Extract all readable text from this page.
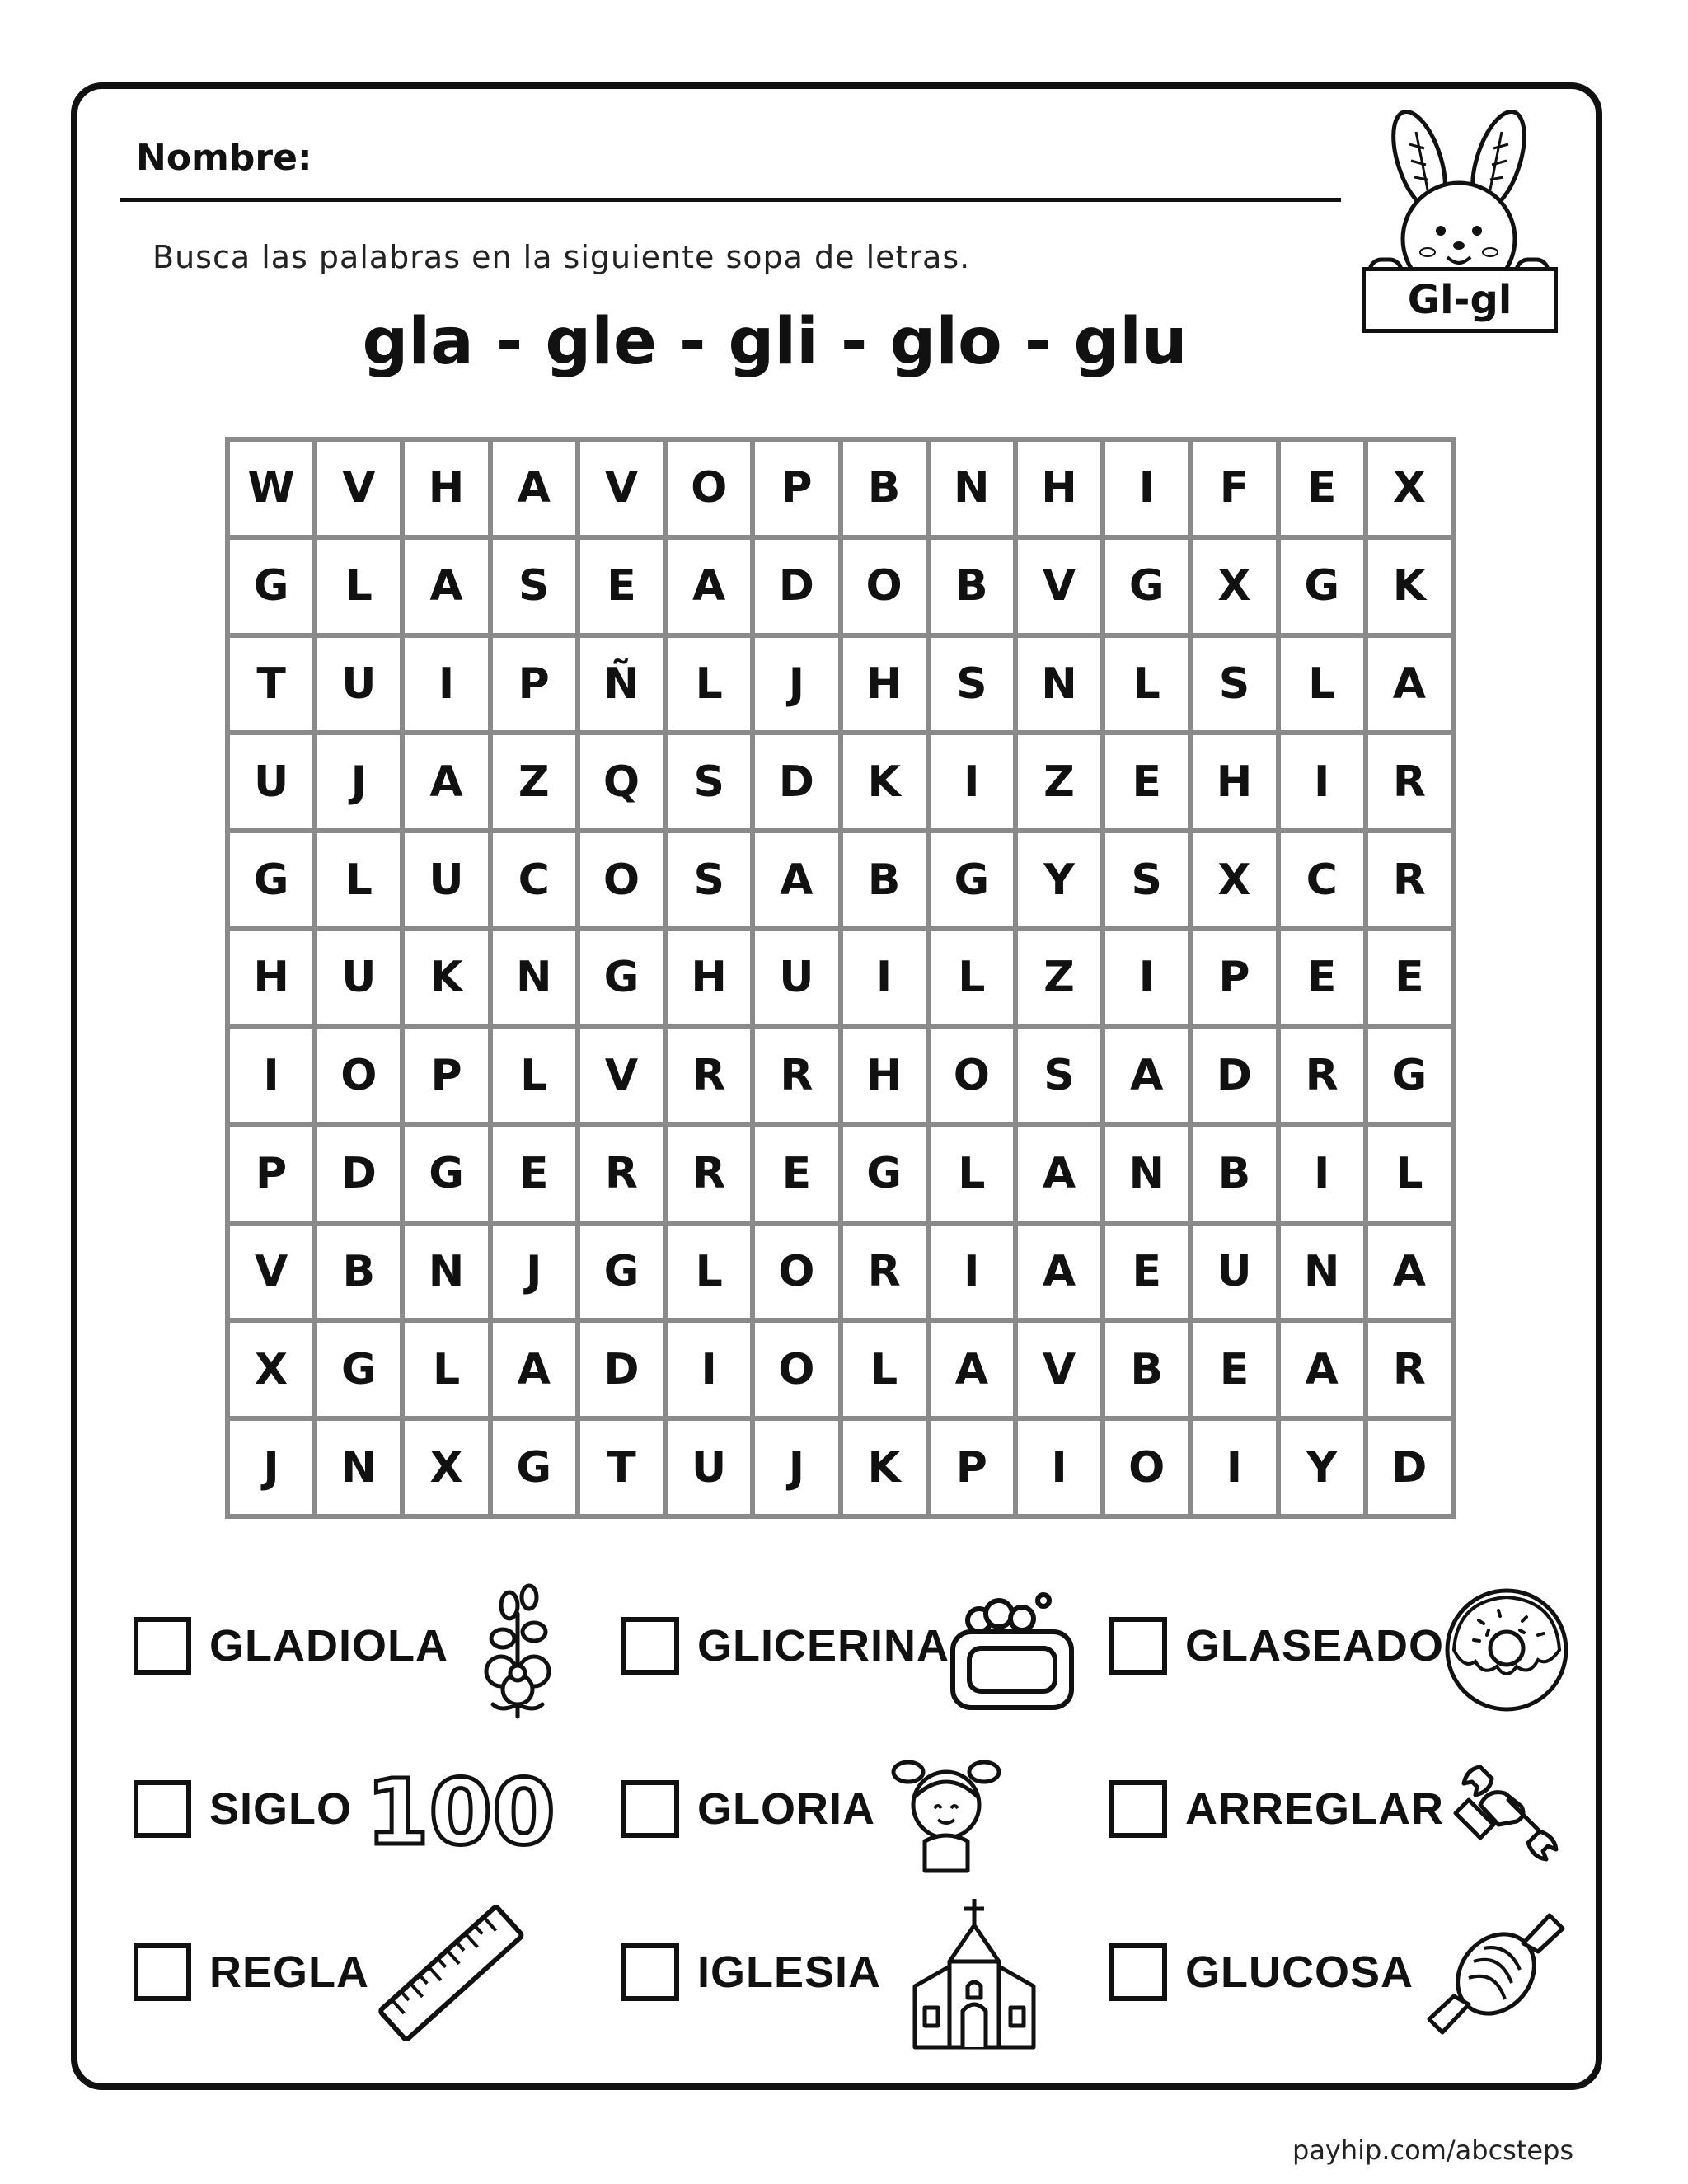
Nombre:
Busca las palabras en la siguiente sopa de letras.
gla - gle - gli - glo - glu
Gl-gl
W	V	H	A	V	O	P	B	N	H	I	F	E	X
G	L	A	S	E	A	D	O	B	V	G	X	G	K
T	U	I	P	Ñ	L	J	H	S	N	L	S	L	A
U	J	A	Z	Q	S	D	K	I	Z	E	H	I	R
G	L	U	C	O	S	A	B	G	Y	S	X	C	R
H	U	K	N	G	H	U	I	L	Z	I	P	E	E
I	O	P	L	V	R	R	H	O	S	A	D	R	G
P	D	G	E	R	R	E	G	L	A	N	B	I	L
V	B	N	J	G	L	O	R	I	A	E	U	N	A
X	G	L	A	D	I	O	L	A	V	B	E	A	R
J	N	X	G	T	U	J	K	P	I	O	I	Y	D
GLADIOLA	GLICERINA	GLASEADO
SIGLO	GLORIA	ARREGLAR
REGLA	IGLESIA	GLUCOSA
100
payhip.com/abcsteps
